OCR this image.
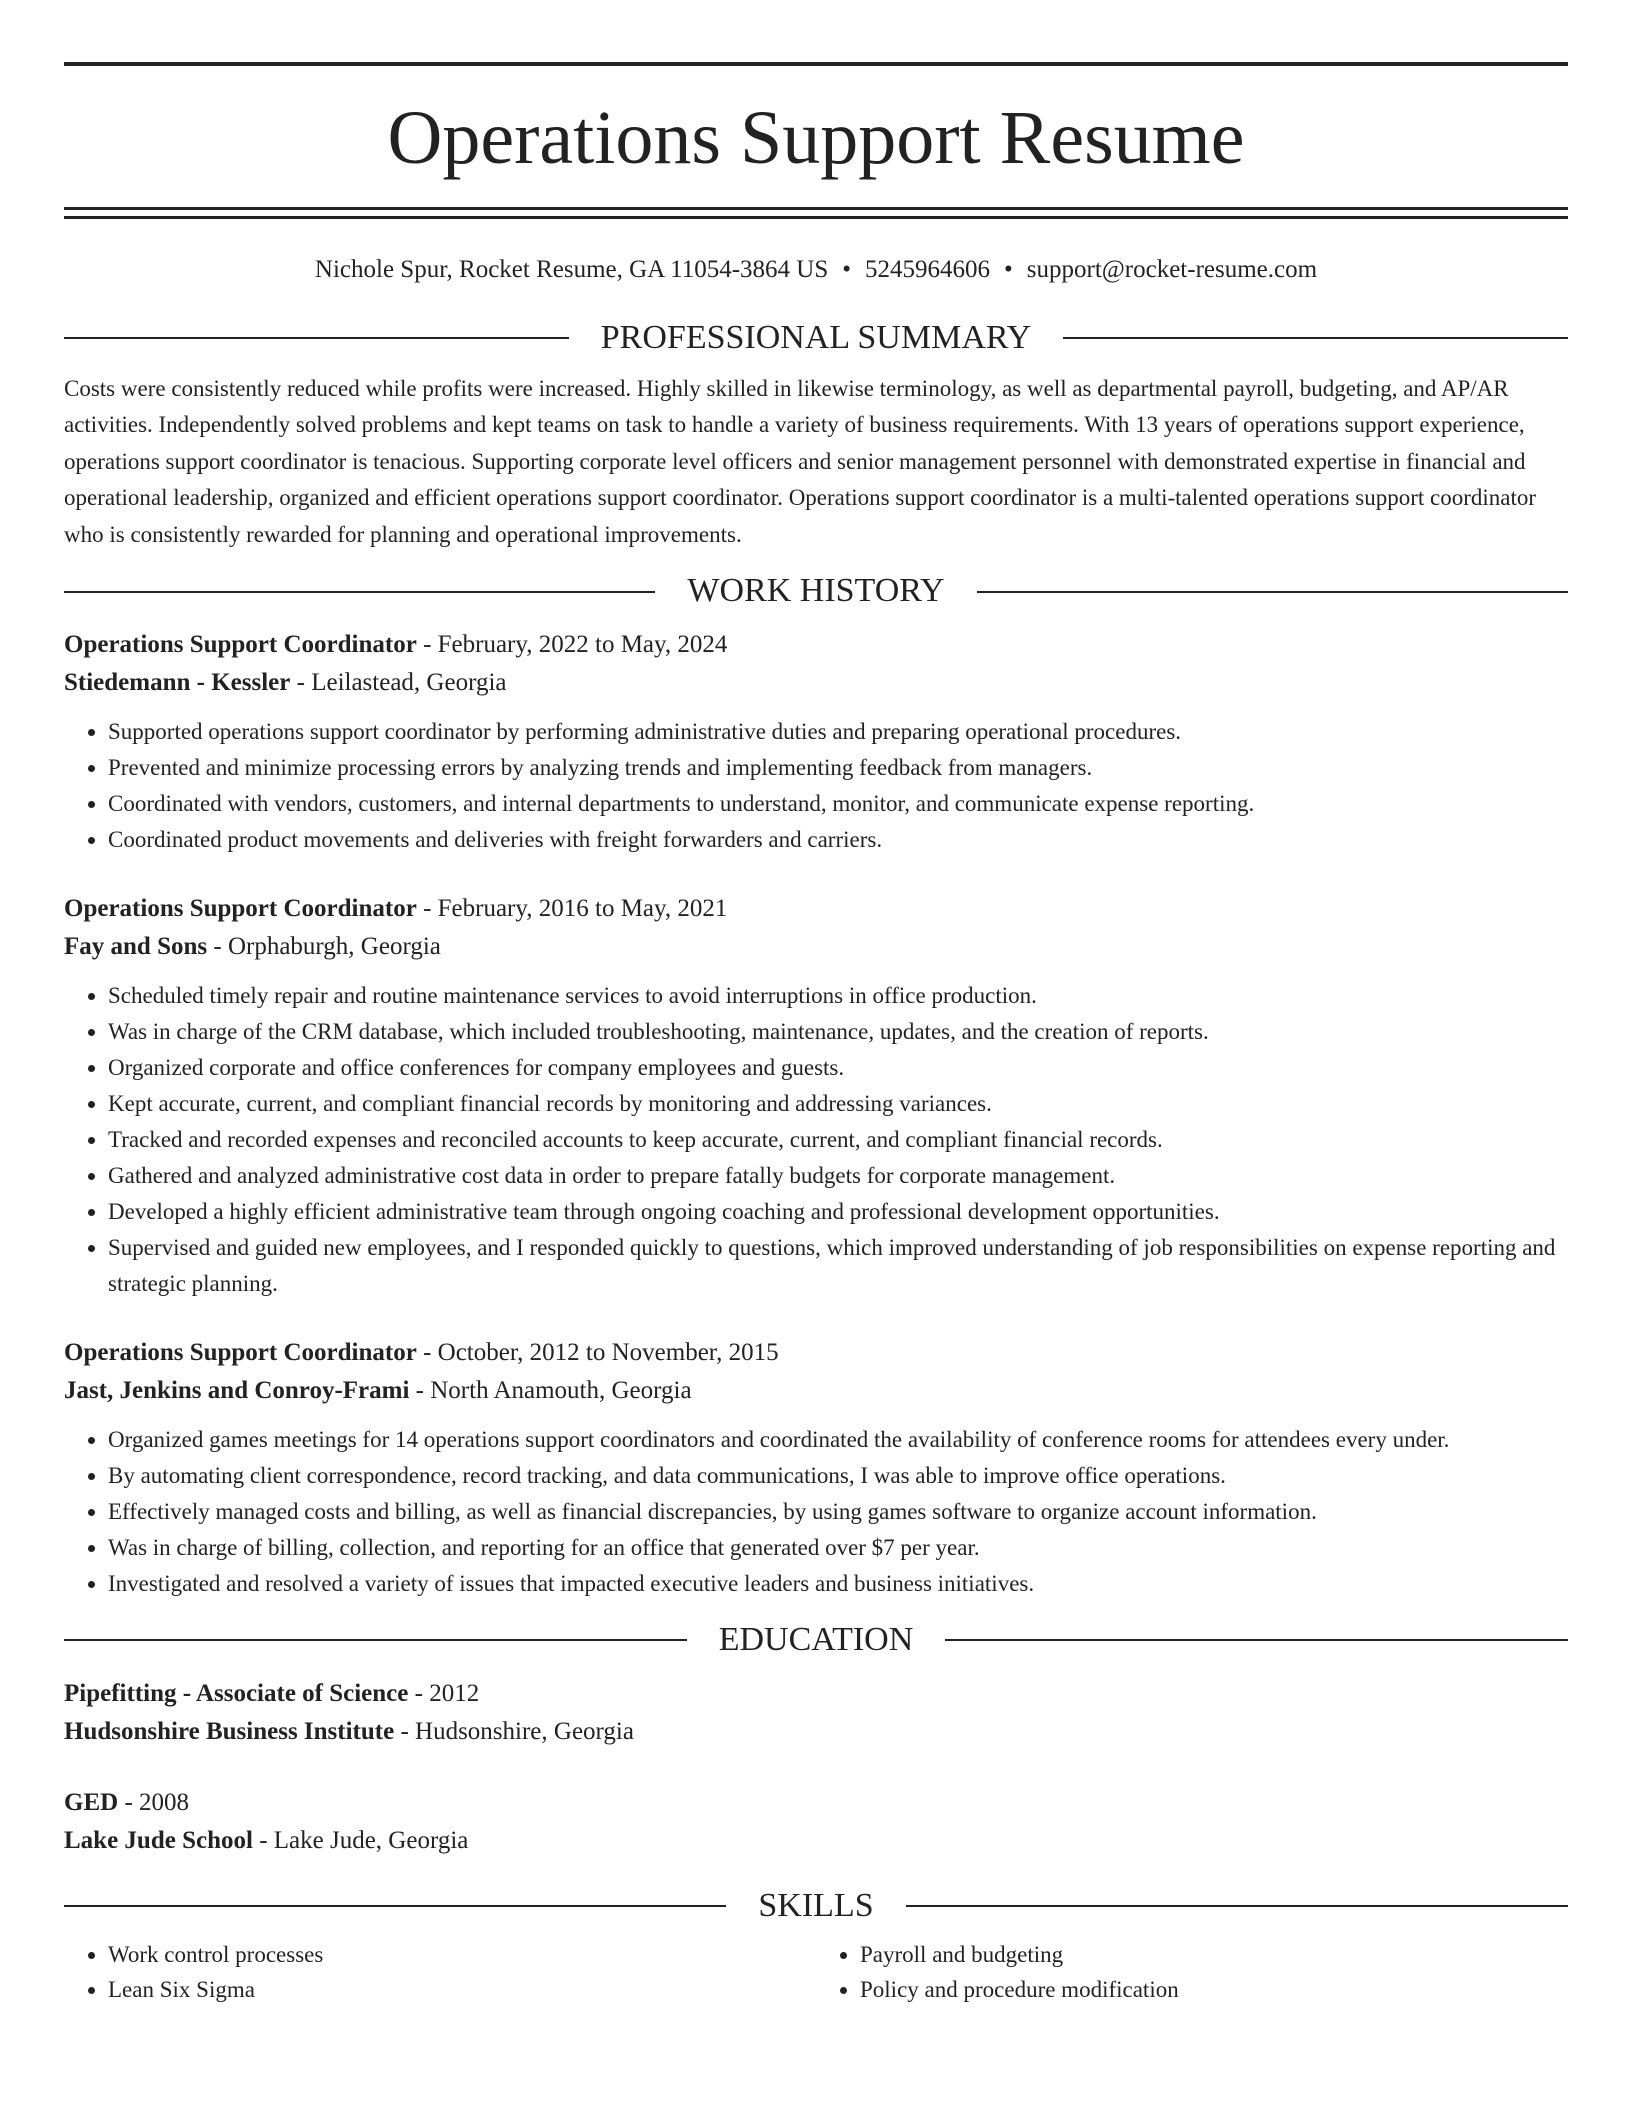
Operations Support Resume
Nichole Spur, Rocket Resume, GA 11054-3864 US • 5245964606 • support@rocket-resume.com
PROFESSIONAL SUMMARY
Costs were consistently reduced while profits were increased. Highly skilled in likewise terminology, as well as departmental payroll, budgeting, and AP/AR activities. Independently solved problems and kept teams on task to handle a variety of business requirements. With 13 years of operations support experience, operations support coordinator is tenacious. Supporting corporate level officers and senior management personnel with demonstrated expertise in financial and operational leadership, organized and efficient operations support coordinator. Operations support coordinator is a multi-talented operations support coordinator who is consistently rewarded for planning and operational improvements.
WORK HISTORY
Operations Support Coordinator - February, 2022 to May, 2024
Stiedemann - Kessler - Leilastead, Georgia
• Supported operations support coordinator by performing administrative duties and preparing operational procedures.
• Prevented and minimize processing errors by analyzing trends and implementing feedback from managers.
• Coordinated with vendors, customers, and internal departments to understand, monitor, and communicate expense reporting.
• Coordinated product movements and deliveries with freight forwarders and carriers.
Operations Support Coordinator - February, 2016 to May, 2021
Fay and Sons - Orphaburgh, Georgia
• Scheduled timely repair and routine maintenance services to avoid interruptions in office production.
• Was in charge of the CRM database, which included troubleshooting, maintenance, updates, and the creation of reports.
• Organized corporate and office conferences for company employees and guests.
• Kept accurate, current, and compliant financial records by monitoring and addressing variances.
• Tracked and recorded expenses and reconciled accounts to keep accurate, current, and compliant financial records.
• Gathered and analyzed administrative cost data in order to prepare fatally budgets for corporate management.
• Developed a highly efficient administrative team through ongoing coaching and professional development opportunities.
• Supervised and guided new employees, and I responded quickly to questions, which improved understanding of job responsibilities on expense reporting and strategic planning.
Operations Support Coordinator - October, 2012 to November, 2015
Jast, Jenkins and Conroy-Frami - North Anamouth, Georgia
• Organized games meetings for 14 operations support coordinators and coordinated the availability of conference rooms for attendees every under.
• By automating client correspondence, record tracking, and data communications, I was able to improve office operations.
• Effectively managed costs and billing, as well as financial discrepancies, by using games software to organize account information.
• Was in charge of billing, collection, and reporting for an office that generated over $7 per year.
• Investigated and resolved a variety of issues that impacted executive leaders and business initiatives.
EDUCATION
Pipefitting - Associate of Science - 2012
Hudsonshire Business Institute - Hudsonshire, Georgia
GED - 2008
Lake Jude School - Lake Jude, Georgia
SKILLS
• Work control processes
• Lean Six Sigma
• Payroll and budgeting
• Policy and procedure modification
